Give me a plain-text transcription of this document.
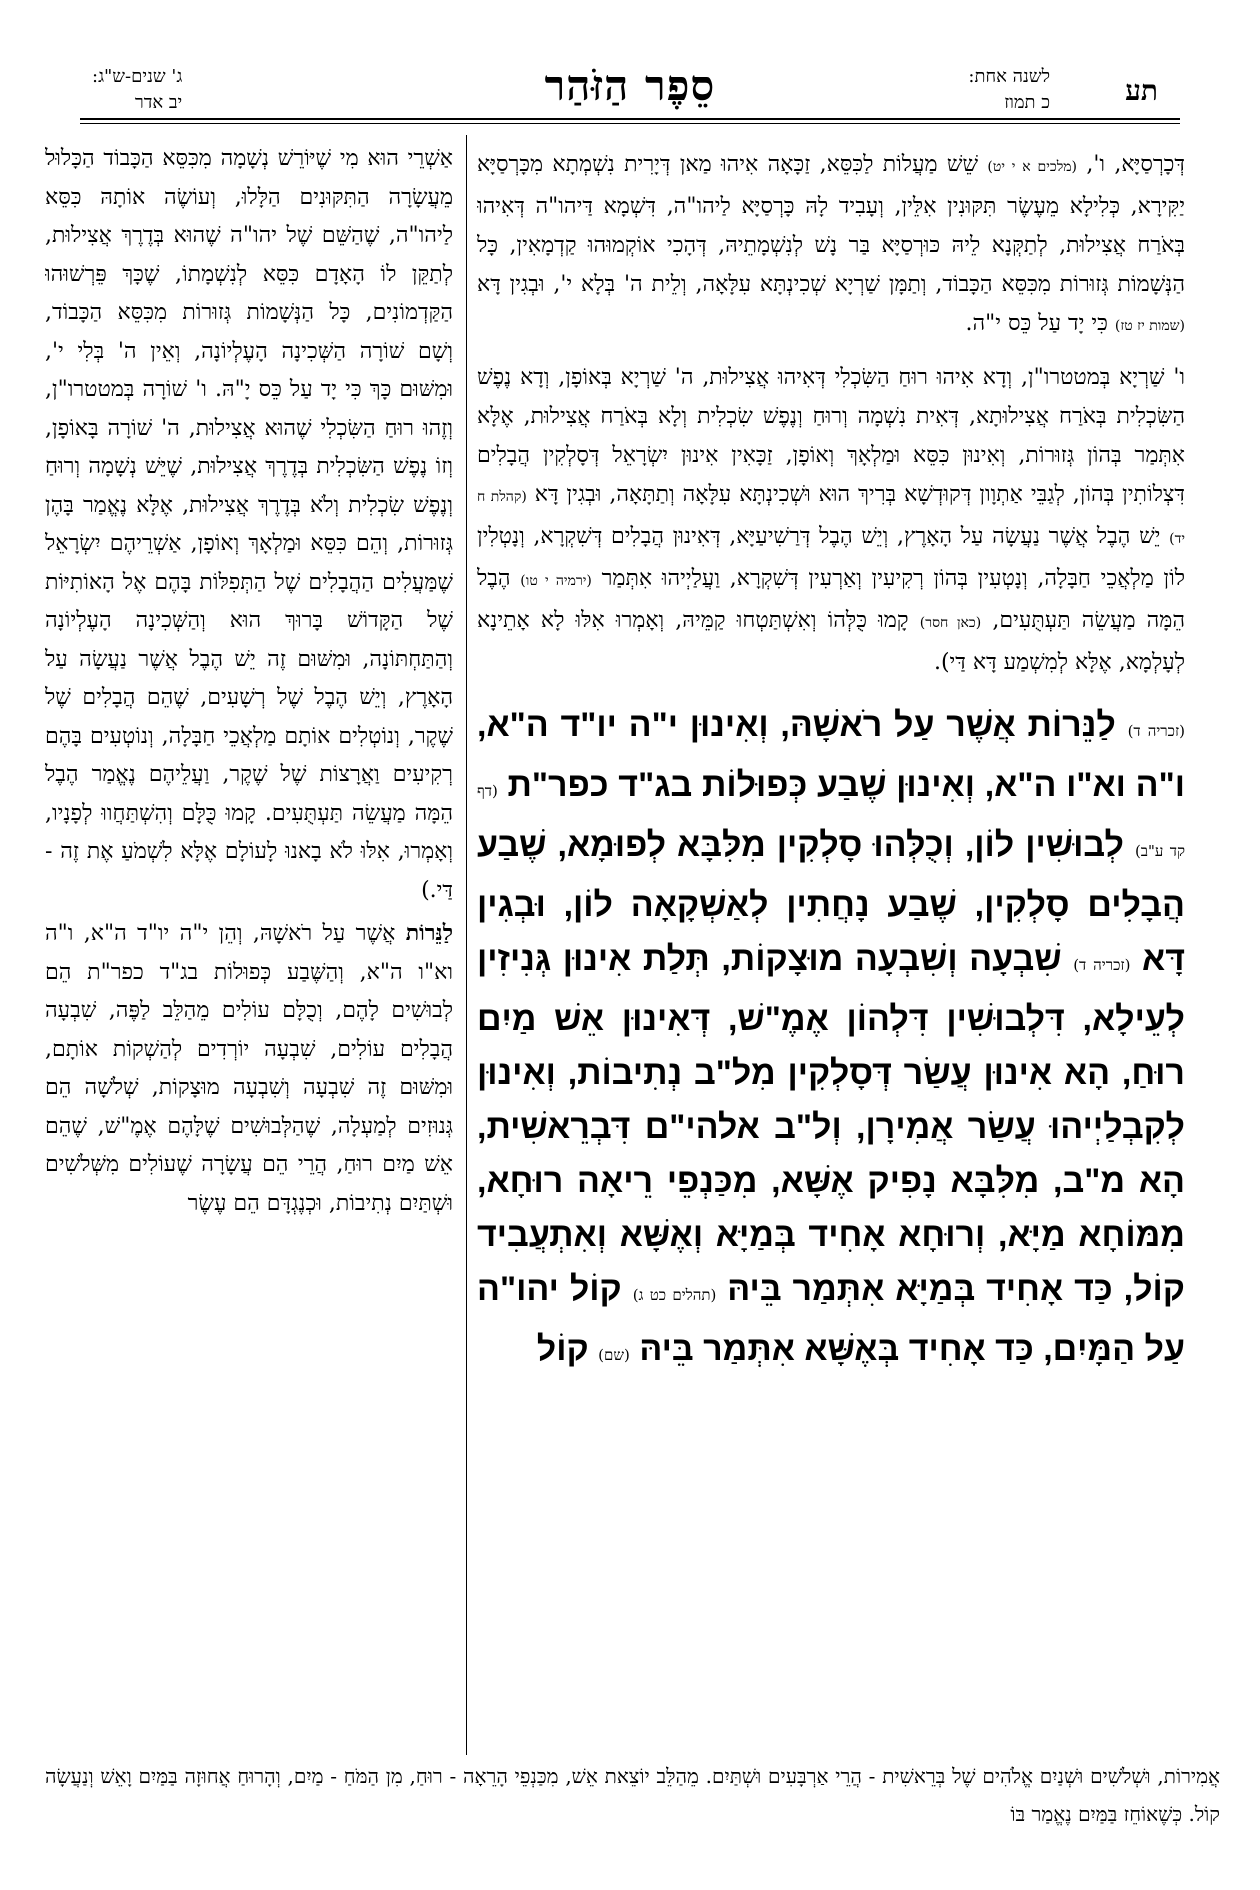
תע
לשנה אחת:
כ תמוז
סֵפֶר הַזֹּהַר
ג' שנים-ש"ג:
יב אדר

דְּכָרְסַיָּא, ו', (מלכים א י יט) שֵׁשׁ מַעֲלוֹת לַכִּסֵּא, זַכָּאָה אִיהוּ מַאן דְּיָרִית נִשְׁמְתָא מִכָּרְסַיָּא יַקִּירָא, כְּלִילָא מֵעֶשֶׂר תִּקּוּנִין אִלֵּין, וְעָבִיד לָהּ כָּרְסַיָּא לַיהו"ה, דִּשְׁמָא דַּיהו"ה דְּאִיהוּ בְּאֹרַח אֲצִילוּת, לְתַקְּנָא לֵיהּ כּוּרְסַיָּא בַּר נָשׁ לְנִשְׁמָתֵיהּ, דְּהָכִי אוֹקְמוּהוּ קַדְמָאִין, כָּל הַנְּשָׁמוֹת גְּזוּרוֹת מִכִּסֵּא הַכָּבוֹד, וְתַמָּן שַׁרְיָא שְׁכִינְתָּא עִלָּאָה, וְלֵית ה' בְּלָא י', וּבְגִין דָּא (שמות יז טז) כִּי יָד עַל כֵּס י"ה.

ו' שַׁרְיָא בְּמטטרו"ן, וְדָא אִיהוּ רוּחַ הַשִּׂכְלִי דְּאִיהוּ אֲצִילוּת, ה' שַׁרְיָא בְּאוֹפָן, וְדָא נֶפֶשׁ הַשִּׂכְלִית בְּאֹרַח אֲצִילוּתָא, דְּאִית נִשְׁמָה וְרוּחַ וְנֶפֶשׁ שִׂכְלִית וְלָא בְּאֹרַח אֲצִילוּת, אֶלָּא אִתְּמַר בְּהוֹן גְּזוּרוֹת, וְאִינוּן כִּסֵּא וּמַלְאָךְ וְאוֹפָן, זַכָּאִין אִינוּן יִשְׂרָאֵל דְּסָלְקִין הֲבָלִים דִּצְלוֹתִין בְּהוֹן, לְגַבֵּי אַתְוָון דְּקוּדְשָׁא בְּרִיךְ הוּא וּשְׁכִינְתָּא עִלָּאָה וְתַתָּאָה, וּבְגִין דָּא (קהלת ח יד) יֵשׁ הֶבֶל אֲשֶׁר נַעֲשָׂה עַל הָאָרֶץ, וְיֵשׁ הֶבֶל דְּרַשִׁיעַיָּא, דְּאִינוּן הֲבָלִים דְּשִׁקְרָא, וְנָטְלִין לוֹן מַלְאֲכֵי חַבָּלָה, וְנָטְעִין בְּהוֹן רְקִיעִין וְאַרְעִין דְּשִׁקְרָא, וַעֲלַיְיהוּ אִתְּמַר (ירמיה י טו) הֶבֶל הֵמָּה מַעֲשֵׂה תַּעְתֻּעִים, (כאן חסר) קָמוּ כֻּלְּהוֹ וְאִשְׁתַּטְחוּ קַמֵּיהּ, וְאָמְרוּ אִלּוּ לָא אָתֵינָא לְעָלְמָא, אֶלָּא לְמִשְׁמַע דָּא דַּי).

(זכריה ד) לַנֵּרוֹת אֲשֶׁר עַל רֹאשָׁהּ, וְאִינוּן י"ה יו"ד ה"א, ו"ה וא"ו ה"א, וְאִינוּן שֶׁבַע כְּפוּלוֹת בג"ד כפר"ת (דף קד ע"ב) לְבוּשִׁין לוֹן, וְכֻלְּהוּ סָלְקִין מִלִּבָּא לְפוּמָא, שֶׁבַע הֲבָלִים סָלְקִין, שֶׁבַע נָחֲתִין לְאַשְׁקָאָה לוֹן, וּבְגִין דָּא (זכריה ד) שִׁבְעָה וְשִׁבְעָה מוּצָקוֹת, תְּלַת אִינוּן גְּנִיזִין לְעֵילָא, דִּלְבוּשִׁין דִּלְהוֹן אֶמֶ"שׁ, דְּאִינוּן אֵשׁ מַיִם רוּחַ, הָא אִינוּן עֲשַׂר דְּסָלְקִין מִל"ב נְתִיבוֹת, וְאִינוּן לְקִבְלַיְיהוּ עֲשַׂר אֲמִירָן, וְל"ב אלהי"ם דִּבְרֵאשִׁית, הָא מ"ב, מִלִּבָּא נָפִיק אֶשָּׁא, מִכַּנְפֵי רֵיאָה רוּחָא, מִמּוֹחָא מַיָּא, וְרוּחָא אָחִיד בְּמַיָּא וְאֶשָּׁא וְאִתְעֲבִיד קוֹל, כַּד אָחִיד בְּמַיָּא אִתְּמַר בֵּיהּ (תהלים כט ג) קוֹל יהו"ה עַל הַמָּיִם, כַּד אָחִיד בְּאֶשָּׁא אִתְּמַר בֵּיהּ (שם) קוֹל

אַשְׁרֵי הוּא מִי שֶׁיּוֹרֵשׁ נְשָׁמָה מִכִּסֵּא הַכָּבוֹד הַכָּלוּל מֵעֲשָׂרָה הַתִּקּוּנִים הַלָּלוּ, וְעוֹשֶׂה אוֹתָהּ כִּסֵּא לַיהו"ה, שֶׁהַשֵּׁם שֶׁל יהו"ה שֶׁהוּא בְּדֶרֶךְ אֲצִילוּת, לְתַקֵּן לוֹ הָאָדָם כִּסֵּא לְנִשְׁמָתוֹ, שֶׁכָּךְ פֵּרְשׁוּהוּ הַקַּדְמוֹנִים, כָּל הַנְּשָׁמוֹת גְּזוּרוֹת מִכִּסֵּא הַכָּבוֹד, וְשָׁם שׁוֹרָה הַשְּׁכִינָה הָעֶלְיוֹנָה, וְאֵין ה' בְּלִי י', וּמִשּׁוּם כָּךְ כִּי יָד עַל כֵּס יָ"הּ. ו' שׁוֹרָה בְּמטטרו"ן, וְזֶהוּ רוּחַ הַשִּׂכְלִי שֶׁהוּא אֲצִילוּת, ה' שׁוֹרָה בָּאוֹפָן, וְזוֹ נֶפֶשׁ הַשִּׂכְלִית בְּדֶרֶךְ אֲצִילוּת, שֶׁיֵּשׁ נְשָׁמָה וְרוּחַ וְנֶפֶשׁ שִׂכְלִית וְלֹא בְּדֶרֶךְ אֲצִילוּת, אֶלָּא נֶאֱמַר בָּהֶן גְּזוּרוֹת, וְהֵם כִּסֵּא וּמַלְאָךְ וְאוֹפָן, אַשְׁרֵיהֶם יִשְׂרָאֵל שֶׁמַּעֲלִים הַהֲבָלִים שֶׁל הַתְּפִלּוֹת בָּהֶם אֶל הָאוֹתִיּוֹת שֶׁל הַקָּדוֹשׁ בָּרוּךְ הוּא וְהַשְּׁכִינָה הָעֶלְיוֹנָה וְהַתַּחְתּוֹנָה, וּמִשּׁוּם זֶה יֵשׁ הֶבֶל אֲשֶׁר נַעֲשָׂה עַל הָאָרֶץ, וְיֵשׁ הֶבֶל שֶׁל רְשָׁעִים, שֶׁהֵם הֲבָלִים שֶׁל שֶׁקֶר, וְנוֹטְלִים אוֹתָם מַלְאֲכֵי חַבָּלָה, וְנוֹטְעִים בָּהֶם רְקִיעִים וַאֲרָצוֹת שֶׁל שֶׁקֶר, וַעֲלֵיהֶם נֶאֱמַר הֶבֶל הֵמָּה מַעֲשֵׂה תַּעְתֻּעִים. קָמוּ כֻּלָּם וְהִשְׁתַּחֲווּ לְפָנָיו, וְאָמְרוּ, אִלּוּ לֹא בָאנוּ לָעוֹלָם אֶלָּא לִשְׁמֹעַ אֶת זֶה - דַּי.)

לַנֵּרוֹת אֲשֶׁר עַל רֹאשָׁהּ, וְהֵן י"ה יו"ד ה"א, ו"ה וא"ו ה"א, וְהַשֶּׁבַע כְּפוּלוֹת בג"ד כפר"ת הֵם לְבוּשִׁים לָהֶם, וְכֻלָּם עוֹלִים מֵהַלֵּב לַפֶּה, שִׁבְעָה הֲבָלִים עוֹלִים, שִׁבְעָה יוֹרְדִים לְהַשְׁקוֹת אוֹתָם, וּמִשּׁוּם זֶה שִׁבְעָה וְשִׁבְעָה מוּצָקוֹת, שְׁלֹשָׁה הֵם גְּנוּזִים לְמַעְלָה, שֶׁהַלְּבוּשִׁים שֶׁלָּהֶם אֶמֶ"שׁ, שֶׁהֵם אֵשׁ מַיִם רוּחַ, הֲרֵי הֵם עֲשָׂרָה שֶׁעוֹלִים מִשְּׁלֹשִׁים וּשְׁתַּיִם נְתִיבוֹת, וּכְנֶגְדָּם הֵם עֶשֶׂר

אֲמִירוֹת, וּשְׁלֹשִׁים וּשְׁנַיִם אֱלֹהִים שֶׁל בְּרֵאשִׁית - הֲרֵי אַרְבָּעִים וּשְׁתַּיִם. מֵהַלֵּב יוֹצֵאת אֵשׁ, מִכַּנְפֵי הָרֵאָה - רוּחַ, מִן הַמֹּחַ - מַיִם, וְהָרוּחַ אֲחוּזָה בַּמַּיִם וָאֵשׁ וְנַעֲשָׂה קוֹל. כְּשֶׁאוֹחֵז בַּמַּיִם נֶאֱמַר בּוֹ
